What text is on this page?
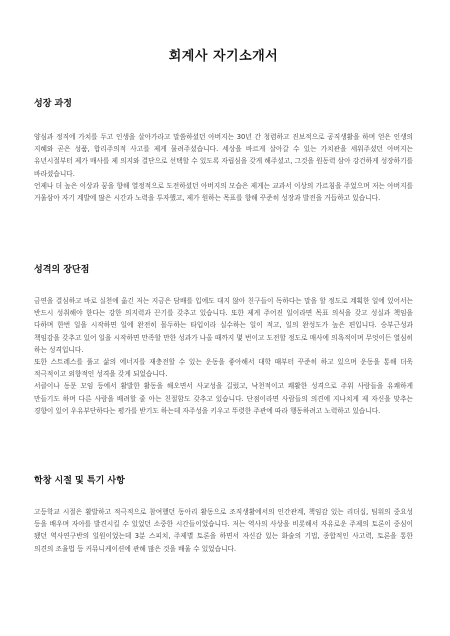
회계사 자기소개서
성장 과정

양심과 정직에 가치를 두고 인생을 살아가라고 말씀하셨던 아버지는 30년 간 청렴하고 진보적으로 공직생활을 하며 얻은 인생의 지혜와 곧은 성품, 합리주의적 사고를 제게 물려주셨습니다. 세상을 바르게 살아갈 수 있는 가치관을 세워주셨던 아버지는 유년시절부터 제가 매사를 제 의지와 결단으로 선택할 수 있도록 자립심을 갖게 해주셨고, 그것을 원동력 삼아 강건하게 성장하기를 바라셨습니다.

언제나 더 높은 이상과 꿈을 향해 열정적으로 도전하셨던 아버지의 모습은 제게는 교과서 이상의 가르침을 주었으며 저는 아버지를 거울삼아 자기 계발에 많은 시간과 노력을 투자했고, 제가 원하는 목표를 향해 꾸준히 성장과 발전을 거듭하고 있습니다.

성격의 장단점

금연을 결심하고 바로 실천에 옮긴 저는 지금은 담배를 입에도 대지 않아 친구들이 독하다는 말을 할 정도로 계획한 일에 있어서는 반드시 성취해야 한다는 강한 의지력과 끈기를 갖추고 있습니다. 또한 제게 주어진 일이라면 목표 의식을 갖고 성실과 책임을 다하며 한번 일을 시작하면 일에 완전히 몰두하는 타입이라 실수하는 일이 적고, 일의 완성도가 높은 편입니다. 승부근성과 책임감을 갖추고 있어 일을 시작하면 만족할 만한 성과가 나올 때까지 몇 번이고 도전할 정도로 매사에 의욕적이며 무엇이든 열심히 하는 성격입니다.

또한 스트레스를 풀고 삶의 에너지를 재충전할 수 있는 운동을 좋아해서 대학 때부터 꾸준히 하고 있으며 운동을 통해 더욱 적극적이고 외향적인 성격을 갖게 되었습니다.

서클이나 동문 모임 등에서 활발한 활동을 해오면서 사교성을 길렀고, 낙천적이고 쾌활한 성격으로 주위 사람들을 유쾌하게 만들기도 하며 다른 사람을 배려할 줄 아는 친절함도 갖추고 있습니다. 단점이라면 사람들의 의견에 지나치게 제 자신을 맞추는 경향이 있어 우유부단하다는 평가를 받기도 하는데 자주성을 키우고 뚜렷한 주관에 따라 행동하려고 노력하고 있습니다.

학창 시절 및 특기 사항

고등학교 시절은 활발하고 적극적으로 참여했던 동아리 활동으로 조직생활에서의 인간관계, 책임감 있는 리더십, 팀워의 중요성 등을 배우며 자아를 발견시킬 수 있었던 소중한 시간들이었습니다. 저는 역사의 사상을 비롯해서 자유로운 주제의 토론이 중심이 됐던 역사연구반의 일원이었는데 3분 스피치, 주제별 토론을 하면서 자신감 있는 화술의 기법, 종합적인 사고력, 토론을 통한 의견의 조율법 등 커뮤니케이션에 관해 많은 것을 배울 수 있었습니다.
